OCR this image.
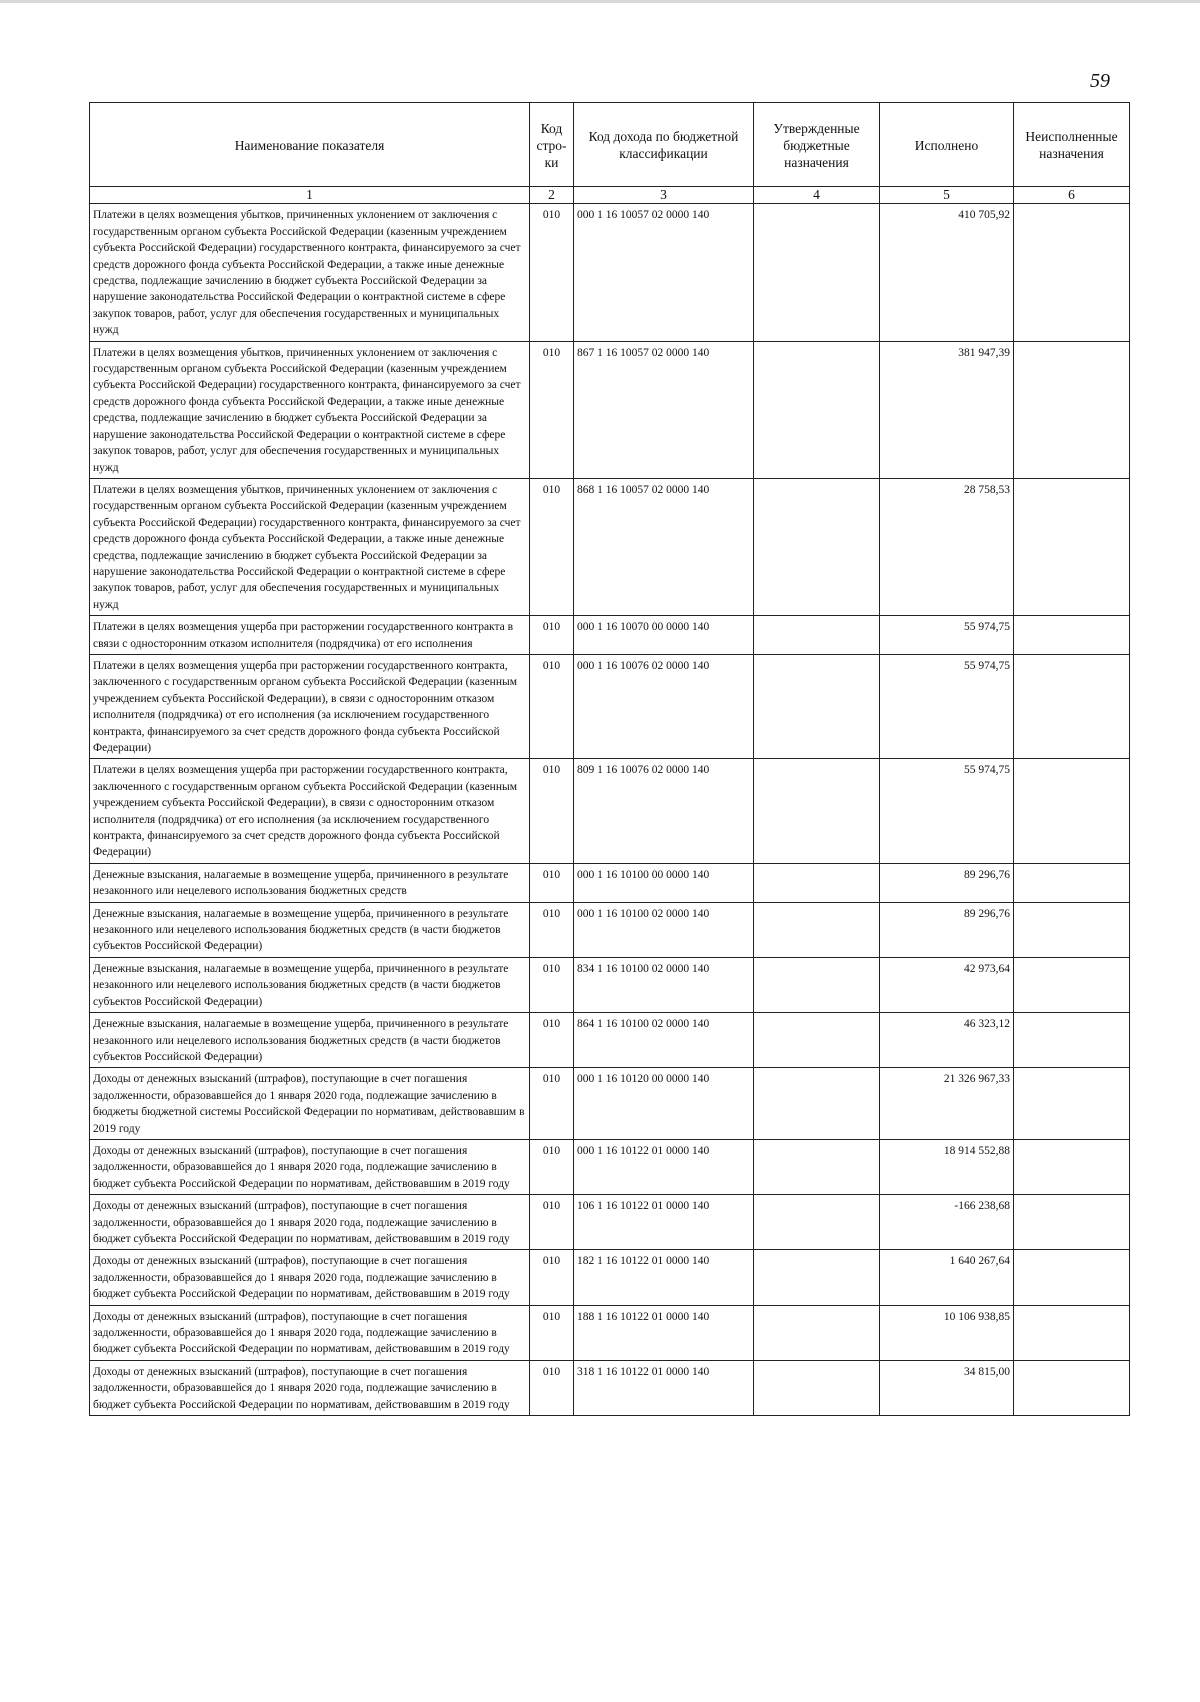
59
Наименование показателя	Код стро-ки	Код дохода по бюджетной классификации	Утвержденные бюджетные назначения	Исполнено	Неисполненные назначения
1	2	3	4	5	6
Платежи в целях возмещения убытков, причиненных уклонением от заключения с государственным органом субъекта Российской Федерации (казенным учреждением субъекта Российской Федерации) государственного контракта, финансируемого за счет средств дорожного фонда субъекта Российской Федерации, а также иные денежные средства, подлежащие зачислению в бюджет субъекта Российской Федерации за нарушение законодательства Российской Федерации о контрактной системе в сфере закупок товаров, работ, услуг для обеспечения государственных и муниципальных нужд	010	000 1 16 10057 02 0000 140		410 705,92	
Платежи в целях возмещения убытков, причиненных уклонением от заключения с государственным органом субъекта Российской Федерации (казенным учреждением субъекта Российской Федерации) государственного контракта, финансируемого за счет средств дорожного фонда субъекта Российской Федерации, а также иные денежные средства, подлежащие зачислению в бюджет субъекта Российской Федерации за нарушение законодательства Российской Федерации о контрактной системе в сфере закупок товаров, работ, услуг для обеспечения государственных и муниципальных нужд	010	867 1 16 10057 02 0000 140		381 947,39	
Платежи в целях возмещения убытков, причиненных уклонением от заключения с государственным органом субъекта Российской Федерации (казенным учреждением субъекта Российской Федерации) государственного контракта, финансируемого за счет средств дорожного фонда субъекта Российской Федерации, а также иные денежные средства, подлежащие зачислению в бюджет субъекта Российской Федерации за нарушение законодательства Российской Федерации о контрактной системе в сфере закупок товаров, работ, услуг для обеспечения государственных и муниципальных нужд	010	868 1 16 10057 02 0000 140		28 758,53	
Платежи в целях возмещения ущерба при расторжении государственного контракта в связи с односторонним отказом исполнителя (подрядчика) от его исполнения	010	000 1 16 10070 00 0000 140		55 974,75	
Платежи в целях возмещения ущерба при расторжении государственного контракта, заключенного с государственным органом субъекта Российской Федерации (казенным учреждением субъекта Российской Федерации), в связи с односторонним отказом исполнителя (подрядчика) от его исполнения (за исключением государственного контракта, финансируемого за счет средств дорожного фонда субъекта Российской Федерации)	010	000 1 16 10076 02 0000 140		55 974,75	
Платежи в целях возмещения ущерба при расторжении государственного контракта, заключенного с государственным органом субъекта Российской Федерации (казенным учреждением субъекта Российской Федерации), в связи с односторонним отказом исполнителя (подрядчика) от его исполнения (за исключением государственного контракта, финансируемого за счет средств дорожного фонда субъекта Российской Федерации)	010	809 1 16 10076 02 0000 140		55 974,75	
Денежные взыскания, налагаемые в возмещение ущерба, причиненного в результате незаконного или нецелевого использования бюджетных средств	010	000 1 16 10100 00 0000 140		89 296,76	
Денежные взыскания, налагаемые в возмещение ущерба, причиненного в результате незаконного или нецелевого использования бюджетных средств (в части бюджетов субъектов Российской Федерации)	010	000 1 16 10100 02 0000 140		89 296,76	
Денежные взыскания, налагаемые в возмещение ущерба, причиненного в результате незаконного или нецелевого использования бюджетных средств (в части бюджетов субъектов Российской Федерации)	010	834 1 16 10100 02 0000 140		42 973,64	
Денежные взыскания, налагаемые в возмещение ущерба, причиненного в результате незаконного или нецелевого использования бюджетных средств (в части бюджетов субъектов Российской Федерации)	010	864 1 16 10100 02 0000 140		46 323,12	
Доходы от денежных взысканий (штрафов), поступающие в счет погашения задолженности, образовавшейся до 1 января 2020 года, подлежащие зачислению в бюджеты бюджетной системы Российской Федерации по нормативам, действовавшим в 2019 году	010	000 1 16 10120 00 0000 140		21 326 967,33	
Доходы от денежных взысканий (штрафов), поступающие в счет погашения задолженности, образовавшейся до 1 января 2020 года, подлежащие зачислению в бюджет субъекта Российской Федерации по нормативам, действовавшим в 2019 году	010	000 1 16 10122 01 0000 140		18 914 552,88	
Доходы от денежных взысканий (штрафов), поступающие в счет погашения задолженности, образовавшейся до 1 января 2020 года, подлежащие зачислению в бюджет субъекта Российской Федерации по нормативам, действовавшим в 2019 году	010	106 1 16 10122 01 0000 140		-166 238,68	
Доходы от денежных взысканий (штрафов), поступающие в счет погашения задолженности, образовавшейся до 1 января 2020 года, подлежащие зачислению в бюджет субъекта Российской Федерации по нормативам, действовавшим в 2019 году	010	182 1 16 10122 01 0000 140		1 640 267,64	
Доходы от денежных взысканий (штрафов), поступающие в счет погашения задолженности, образовавшейся до 1 января 2020 года, подлежащие зачислению в бюджет субъекта Российской Федерации по нормативам, действовавшим в 2019 году	010	188 1 16 10122 01 0000 140		10 106 938,85	
Доходы от денежных взысканий (штрафов), поступающие в счет погашения задолженности, образовавшейся до 1 января 2020 года, подлежащие зачислению в бюджет субъекта Российской Федерации по нормативам, действовавшим в 2019 году	010	318 1 16 10122 01 0000 140		34 815,00	
